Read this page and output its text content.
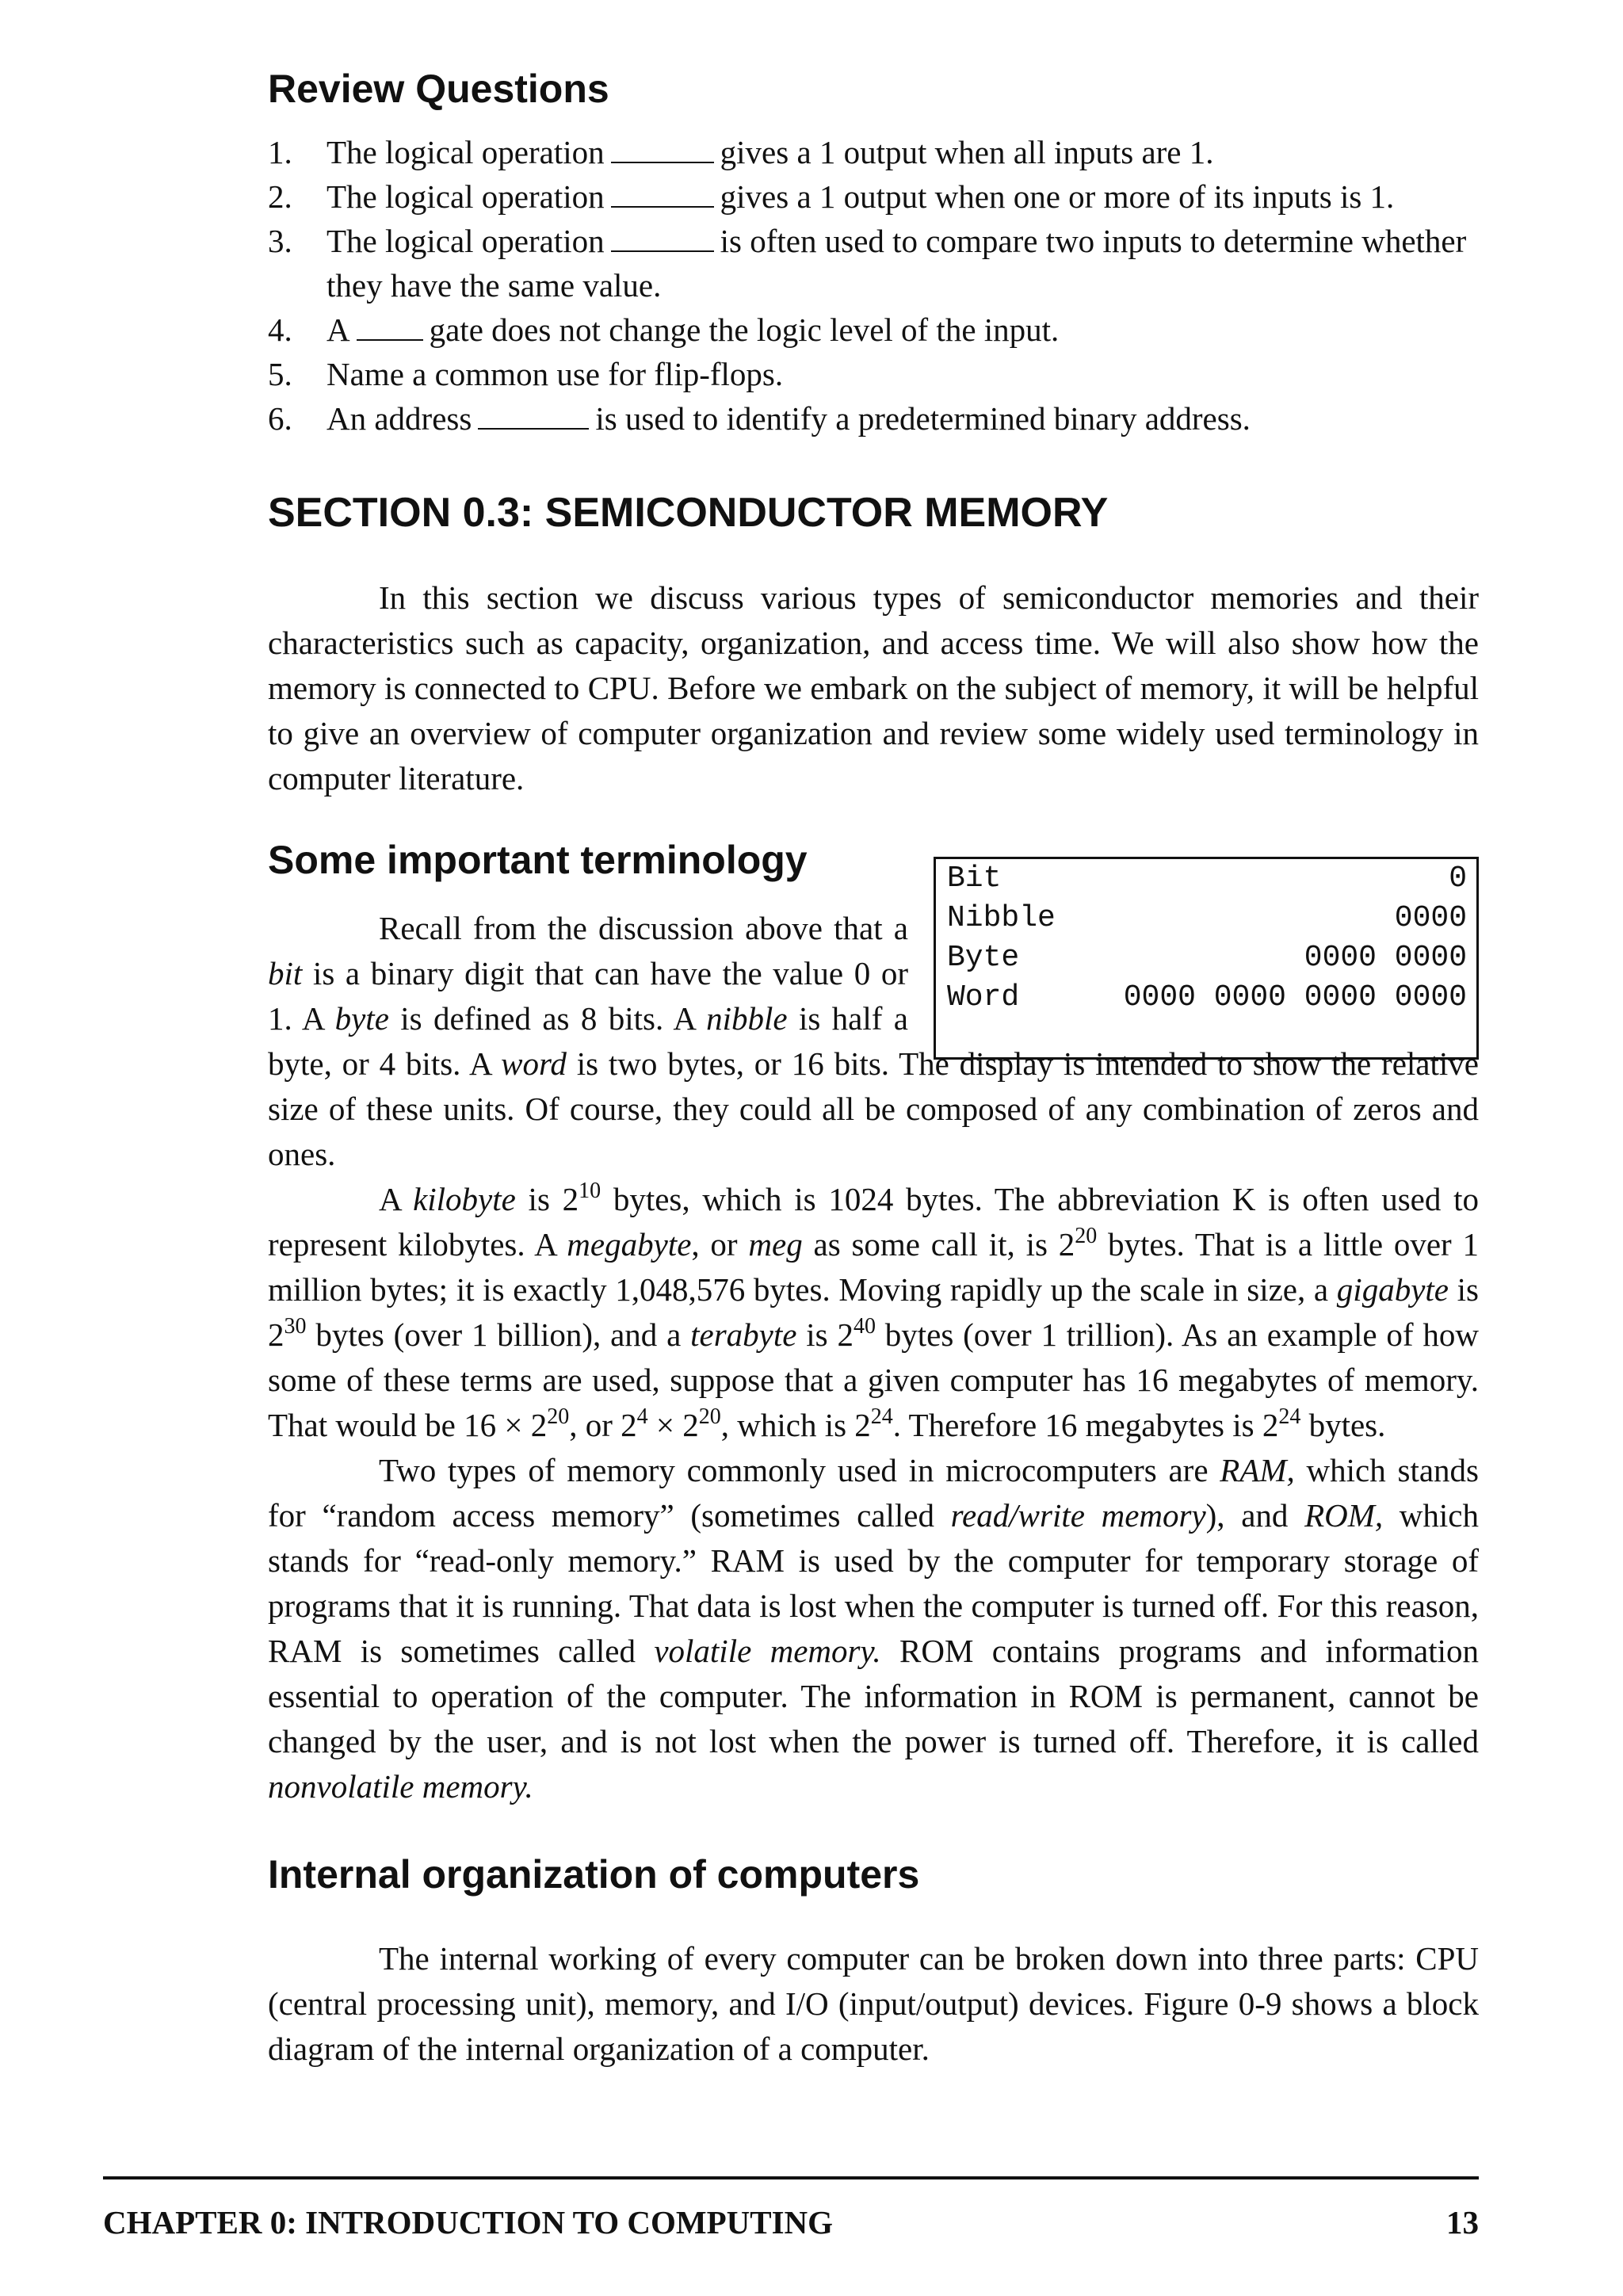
Review Questions
1. The logical operation	gives a 1 output when all inputs are 1.
2. The logical operation	gives a 1 output when one or more of its inputs is 1.
3. The logical operation	is often used to compare two inputs to determine whether they have the same value.
4. A gate does not change the logic level of the input.
5. Name a common use for flip-flops.
6. An address	is used to identify a predetermined binary address.
SECTION 0.3: SEMICONDUCTOR MEMORY

In this section we discuss various types of semiconductor memories and their characteristics such as capacity, organization, and access time. We will also show how the memory is connected to CPU. Before we embark on the subject of memory, it will be helpful to give an overview of computer organization and review some widely used terminology in computer literature.

Bit	0
Nibble	0000
Byte	0000 0000
Word	0000 0000 0000 0000
Some important terminology

Recall from the discussion above that a bit is a binary digit that can have the value 0 or 1. A byte is defined as 8 bits. A nibble is half a byte, or 4 bits. A word is two bytes, or 16 bits. The display is intended to show the relative size of these units. Of course, they could all be composed of any combination of zeros and ones.

A kilobyte is $2^{10}$ bytes, which is 1024 bytes. The abbreviation K is often used to represent kilobytes. A megabyte, or meg as some call it, is $2^{20}$ bytes. That is a little over 1 million bytes; it is exactly 1,048,576 bytes. Moving rapidly up the scale in size, a gigabyte is $2^{30}$ bytes (over 1 billion), and a terabyte is $2^{40}$ bytes (over 1 trillion). As an example of how some of these terms are used, suppose that a given computer has 16 megabytes of memory. That would be $16 \times 2^{20}$, or $2^4 \times 2^{20}$, which is $2^{24}$. Therefore 16 megabytes is $2^{24}$ bytes.

Two types of memory commonly used in microcomputers are RAM, which stands for “random access memory” (sometimes called read/write memory), and ROM, which stands for “read-only memory.” RAM is used by the computer for temporary storage of programs that it is running. That data is lost when the computer is turned off. For this reason, RAM is sometimes called volatile memory. ROM contains programs and information essential to operation of the computer. The information in ROM is permanent, cannot be changed by the user, and is not lost when the power is turned off. Therefore, it is called nonvolatile memory.

Internal organization of computers

The internal working of every computer can be broken down into three parts: CPU (central processing unit), memory, and I/O (input/output) devices. Figure 0-9 shows a block diagram of the internal organization of a computer.

CHAPTER 0: INTRODUCTION TO COMPUTING	13
